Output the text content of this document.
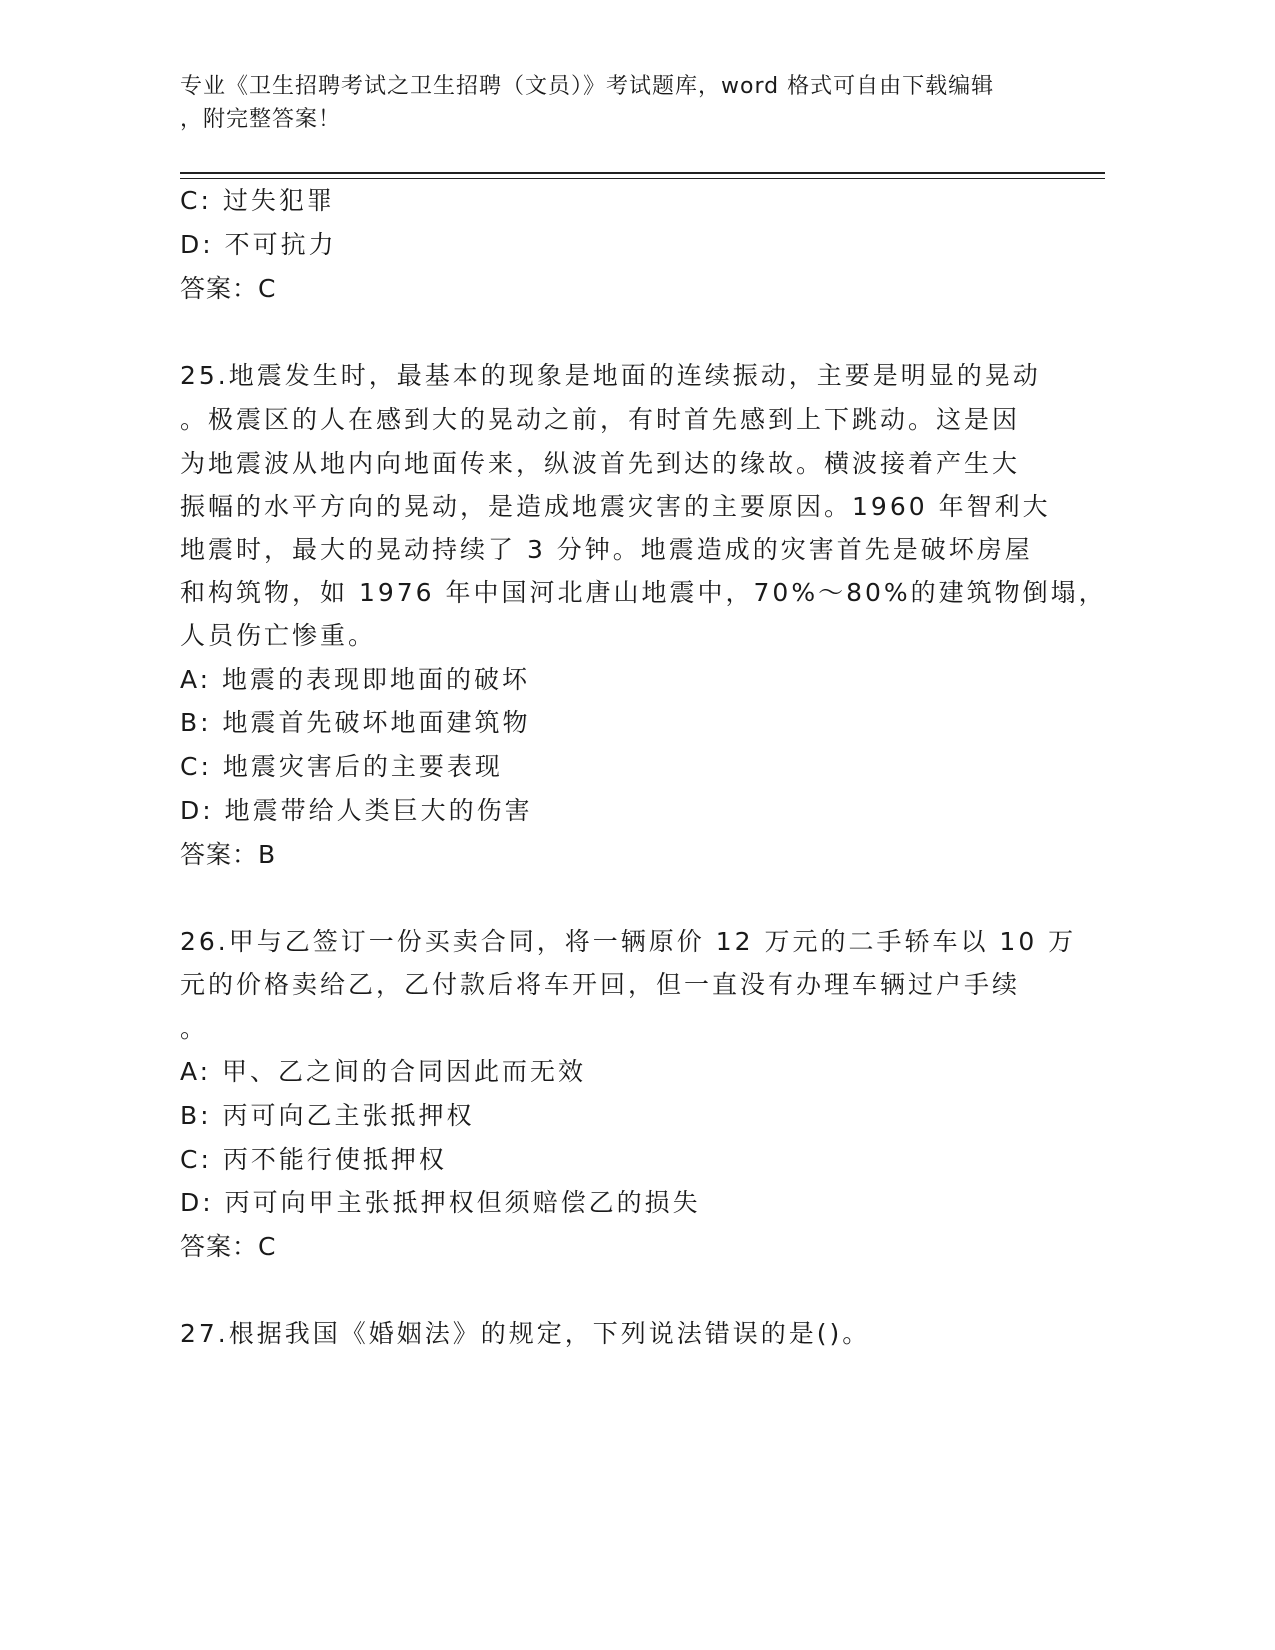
专业《卫生招聘考试之卫生招聘（文员）》考试题库，word 格式可自由下载编辑
，附完整答案！
C: 过失犯罪
D: 不可抗力
答案：C
25.地震发生时，最基本的现象是地面的连续振动，主要是明显的晃动
。极震区的人在感到大的晃动之前，有时首先感到上下跳动。这是因
为地震波从地内向地面传来，纵波首先到达的缘故。横波接着产生大
振幅的水平方向的晃动，是造成地震灾害的主要原因。1960 年智利大
地震时，最大的晃动持续了 3 分钟。地震造成的灾害首先是破坏房屋
和构筑物，如 1976 年中国河北唐山地震中，70%～80%的建筑物倒塌，
人员伤亡惨重。
A: 地震的表现即地面的破坏
B: 地震首先破坏地面建筑物
C: 地震灾害后的主要表现
D: 地震带给人类巨大的伤害
答案：B
26.甲与乙签订一份买卖合同，将一辆原价 12 万元的二手轿车以 10 万
元的价格卖给乙，乙付款后将车开回，但一直没有办理车辆过户手续
。
A: 甲、乙之间的合同因此而无效
B: 丙可向乙主张抵押权
C: 丙不能行使抵押权
D: 丙可向甲主张抵押权但须赔偿乙的损失
答案：C
27.根据我国《婚姻法》的规定，下列说法错误的是()。
